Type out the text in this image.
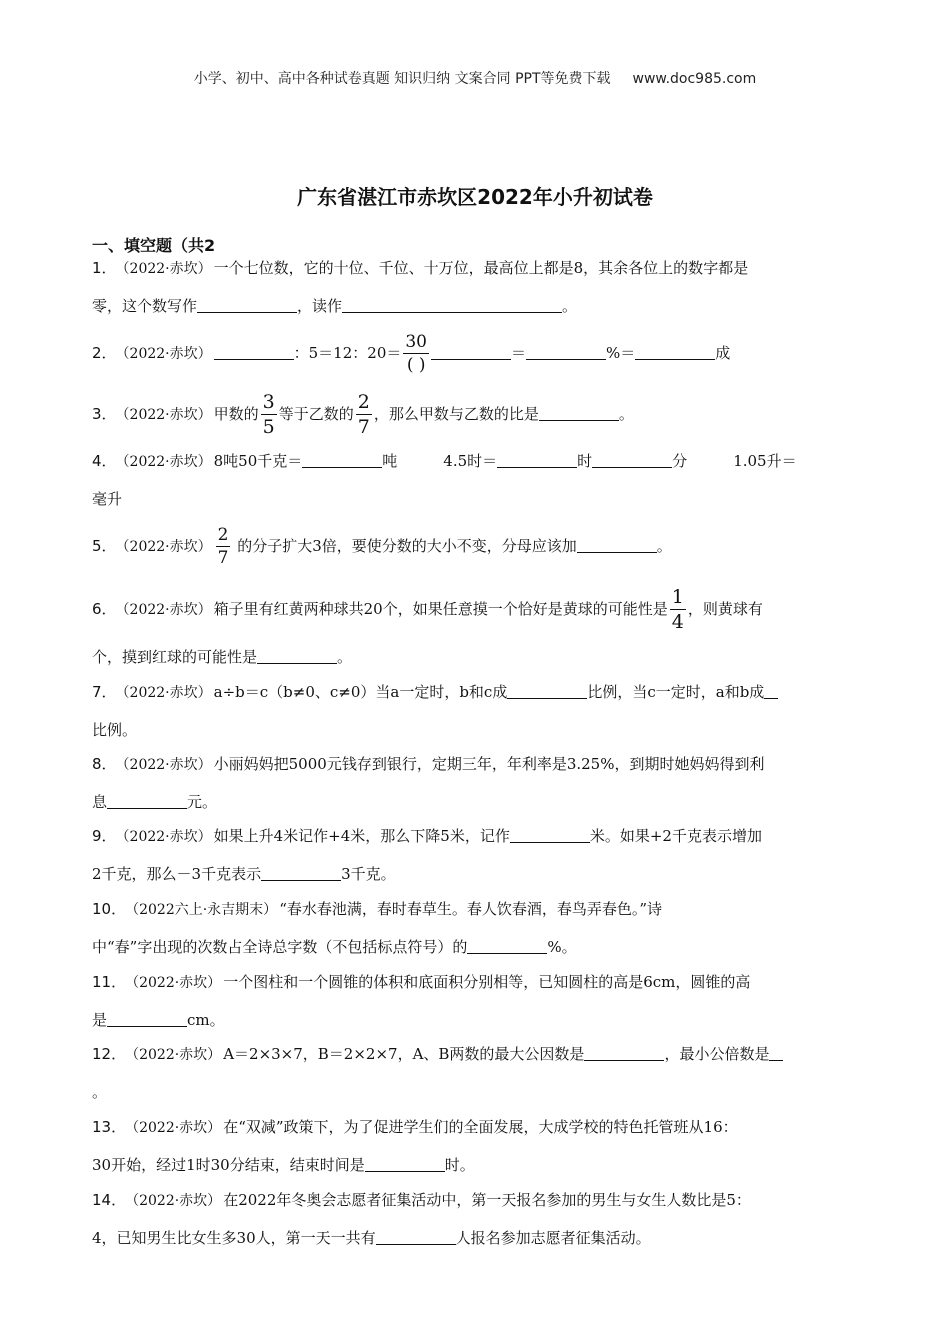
小学、初中、高中各种试卷真题 知识归纳 文案合同 PPT等免费下载 www.doc985.com
广东省湛江市赤坎区2022年小升初试卷
一、填空题（共2
1． （2022·赤坎） 一个七位数，它的十位、千位、十万位，最高位上都是8，其余各位上的数字都是
零，这个数写作	，读作	。
2． （2022·赤坎）	：5＝12：$20= \frac{30}{( )}$	＝	%＝	成
3． （2022·赤坎） 甲数的 $\frac{3}{5}$ 等于乙数的 $\frac{2}{7}$ ，那么甲数与乙数的比是	。
4． （2022·赤坎） 8吨50千克＝	吨	4.5时＝	时	分	1.05升＝
毫升
5． （2022·赤坎） $\frac{2}{7}$ 的分子扩大3倍，要使分数的大小不变，分母应该加	。
6． （2022·赤坎） 箱子里有红黄两种球共20个，如果任意摸一个恰好是黄球的可能性是 $\frac{1}{4}$ ，则黄球有
个，摸到红球的可能性是	。
7． （2022·赤坎） a÷b＝c（b≠0、c≠0）当a一定时，b和c成	比例，当c一定时，a和b成
比例。
8． （2022·赤坎） 小丽妈妈把5000元钱存到银行，定期三年，年利率是3.25%，到期时她妈妈得到利
息	元。
9． （2022·赤坎） 如果上升4米记作+4米，那么下降5米，记作	米。如果+2千克表示增加
2千克，那么－3千克表示	3千克。
10． （2022六上·永吉期末） “春水春池满，春时春草生。春人饮春酒，春鸟弄春色。”诗
中“春”字出现的次数占全诗总字数（不包括标点符号）的	%。
11． （2022·赤坎） 一个图柱和一个圆锥的体积和底面积分别相等，已知圆柱的高是6cm，圆锥的高
是	cm。
12． （2022·赤坎） A＝2×3×7，B＝2×2×7，A、B两数的最大公因数是	，最小公倍数是
。
13． （2022·赤坎） 在“双减”政策下，为了促进学生们的全面发展，大成学校的特色托管班从16：
30开始，经过1时30分结束，结束时间是	时。
14． （2022·赤坎） 在2022年冬奥会志愿者征集活动中，第一天报名参加的男生与女生人数比是5：
4，已知男生比女生多30人，第一天一共有	人报名参加志愿者征集活动。
